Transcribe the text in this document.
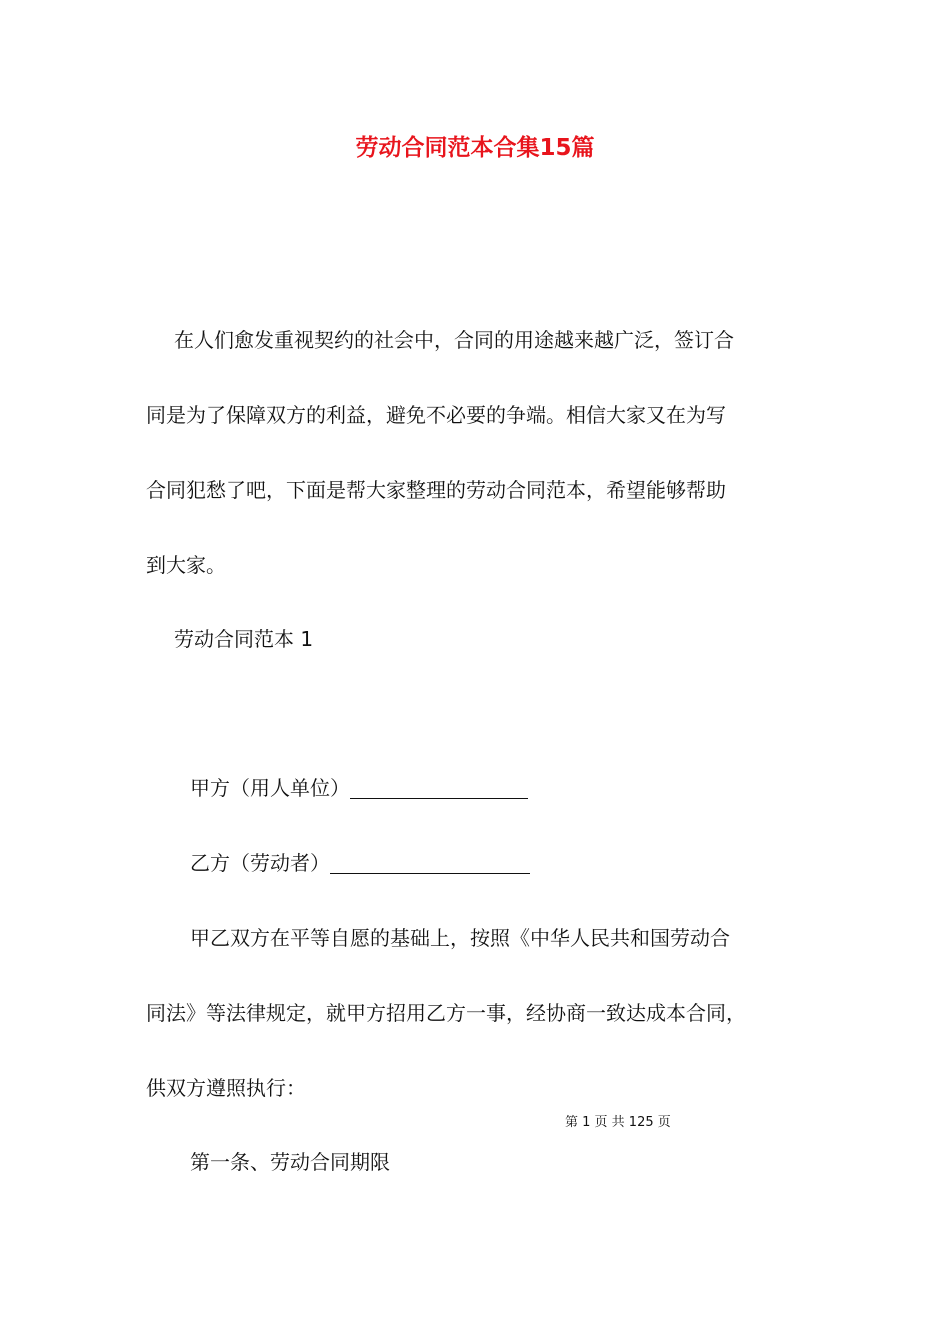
劳动合同范本合集15篇
在人们愈发重视契约的社会中，合同的用途越来越广泛，签订合
同是为了保障双方的利益，避免不必要的争端。相信大家又在为写
合同犯愁了吧，下面是帮大家整理的劳动合同范本，希望能够帮助
到大家。
劳动合同范本 1
甲方（用人单位）
乙方（劳动者）
甲乙双方在平等自愿的基础上，按照《中华人民共和国劳动合
同法》等法律规定，就甲方招用乙方一事，经协商一致达成本合同，
供双方遵照执行：
第 1 页 共 125 页
第一条、劳动合同期限
